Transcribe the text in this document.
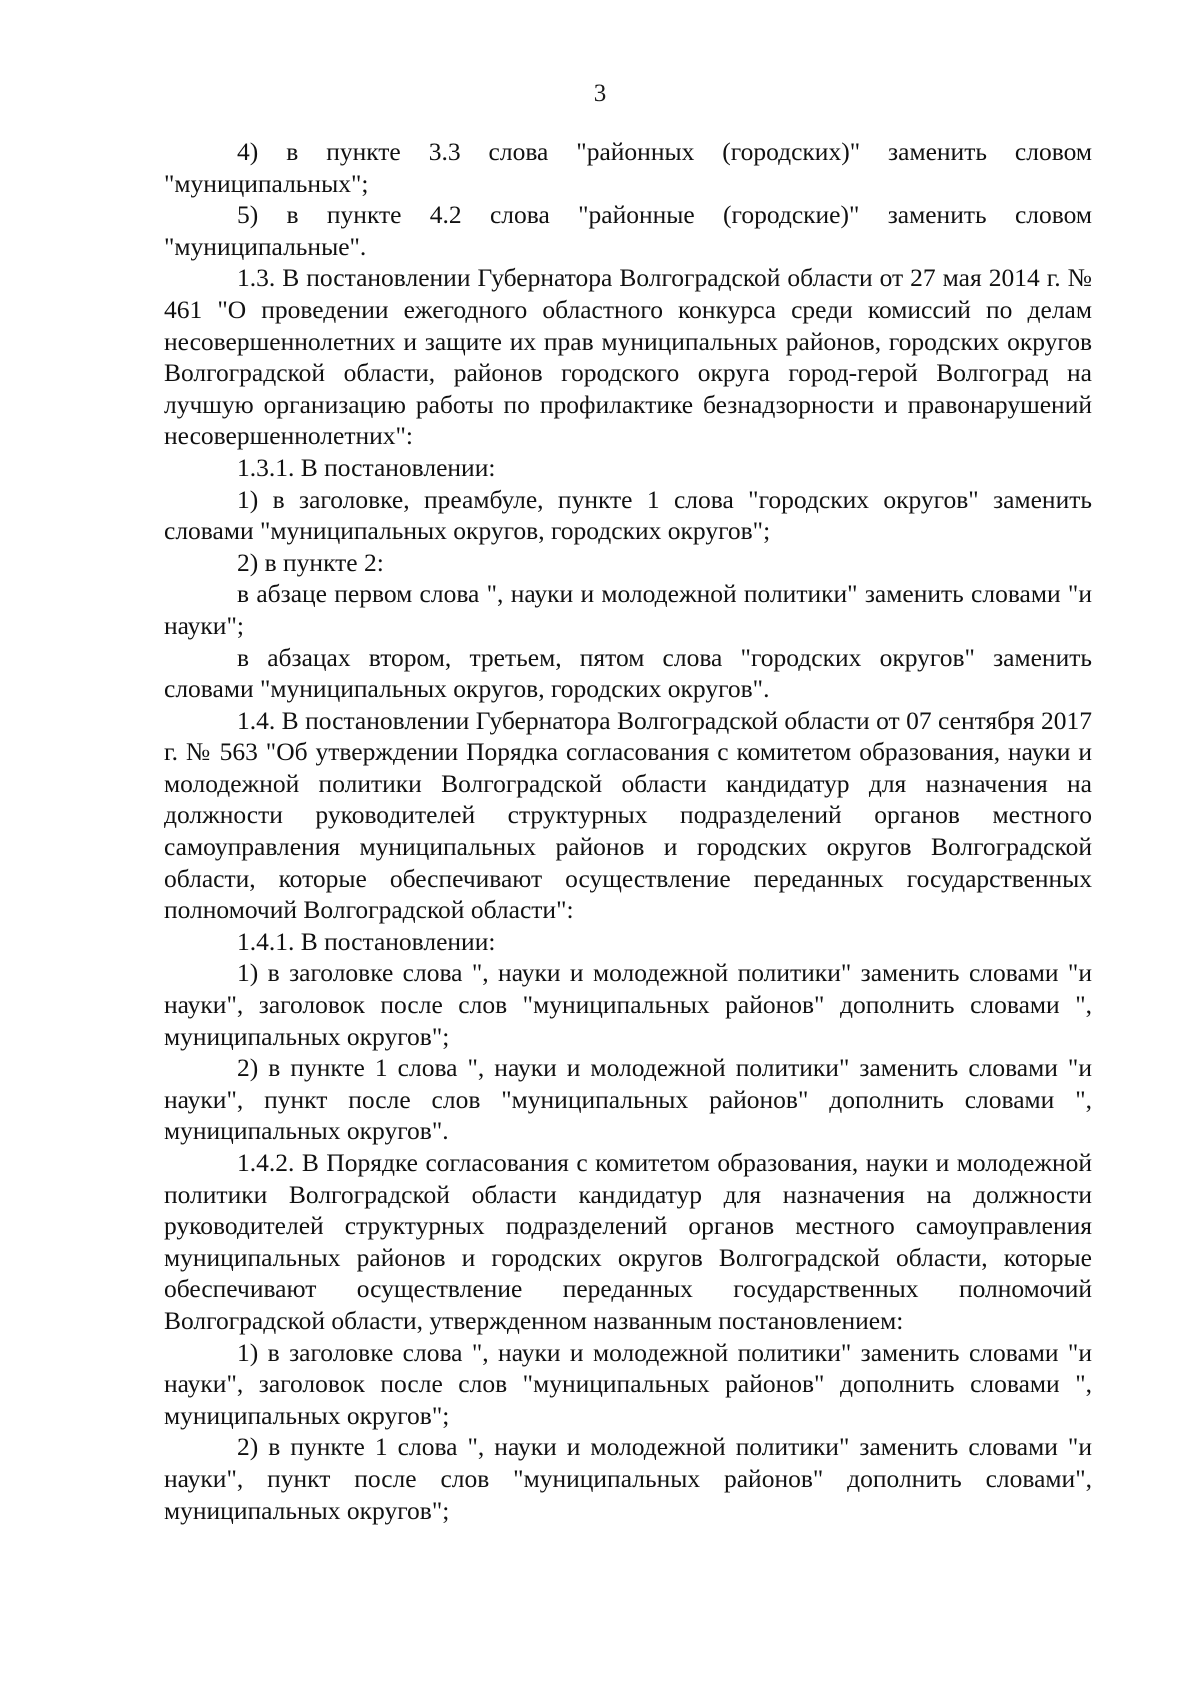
3

4) в пункте 3.3 слова "районных (городских)" заменить словом "муниципальных";

5) в пункте 4.2 слова "районные (городские)" заменить словом "муниципальные".

1.3. В постановлении Губернатора Волгоградской области от 27 мая 2014 г. № 461 "О проведении ежегодного областного конкурса среди комиссий по делам несовершеннолетних и защите их прав муниципальных районов, городских округов Волгоградской области, районов городского округа город-герой Волгоград на лучшую организацию работы по профилактике безнадзорности и правонарушений несовершеннолетних":

1.3.1. В постановлении:

1) в заголовке, преамбуле, пункте 1 слова "городских округов" заменить словами "муниципальных округов, городских округов";

2) в пункте 2:

в абзаце первом слова ", науки и молодежной политики" заменить словами "и науки";

в абзацах втором, третьем, пятом слова "городских округов" заменить словами "муниципальных округов, городских округов".

1.4. В постановлении Губернатора Волгоградской области от 07 сентября 2017 г. № 563 "Об утверждении Порядка согласования с комитетом образования, науки и молодежной политики Волгоградской области кандидатур для назначения на должности руководителей структурных подразделений органов местного самоуправления муниципальных районов и городских округов Волгоградской области, которые обеспечивают осуществление переданных государственных полномочий Волгоградской области":

1.4.1. В постановлении:

1) в заголовке слова ", науки и молодежной политики" заменить словами "и науки", заголовок после слов "муниципальных районов" дополнить словами ", муниципальных округов";

2) в пункте 1 слова ", науки и молодежной политики" заменить словами "и науки", пункт после слов "муниципальных районов" дополнить словами ", муниципальных округов".

1.4.2. В Порядке согласования с комитетом образования, науки и молодежной политики Волгоградской области кандидатур для назначения на должности руководителей структурных подразделений органов местного самоуправления муниципальных районов и городских округов Волгоградской области, которые обеспечивают осуществление переданных государственных полномочий Волгоградской области, утвержденном названным постановлением:

1) в заголовке слова ", науки и молодежной политики" заменить словами "и науки", заголовок после слов "муниципальных районов" дополнить словами ", муниципальных округов";

2) в пункте 1 слова ", науки и молодежной политики" заменить словами "и науки", пункт после слов "муниципальных районов" дополнить словами", муниципальных округов";
